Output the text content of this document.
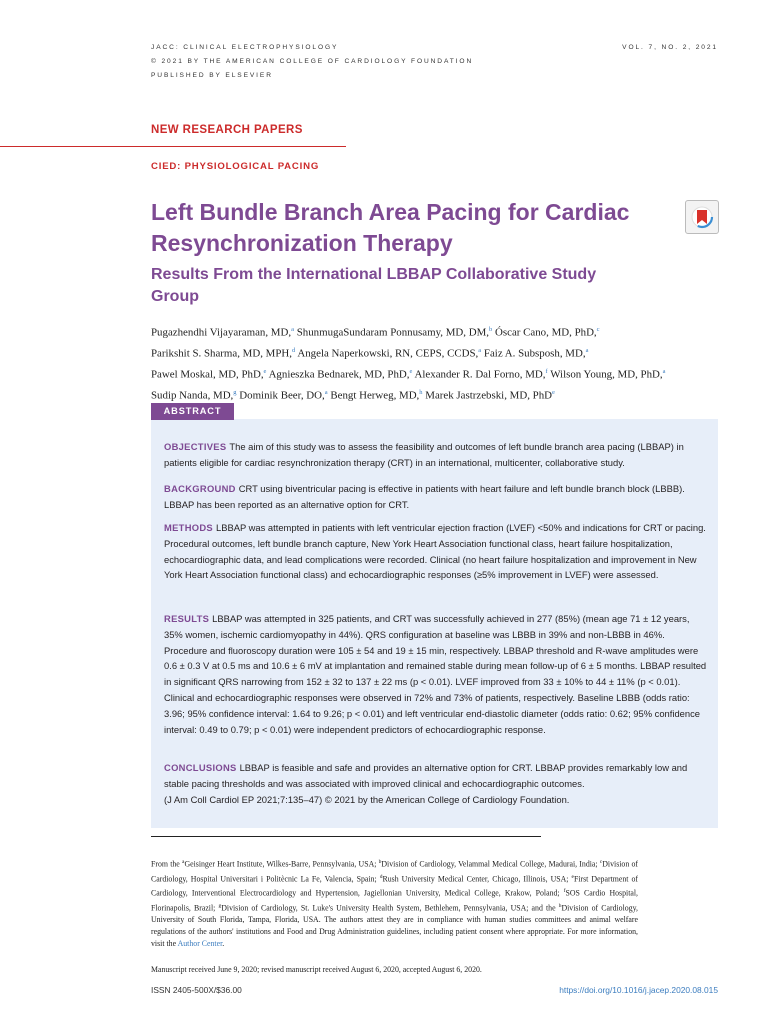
JACC: CLINICAL ELECTROPHYSIOLOGY
© 2021 BY THE AMERICAN COLLEGE OF CARDIOLOGY FOUNDATION
PUBLISHED BY ELSEVIER
VOL. 7, NO. 2, 2021
NEW RESEARCH PAPERS
CIED: PHYSIOLOGICAL PACING
Left Bundle Branch Area Pacing for Cardiac Resynchronization Therapy
Results From the International LBBAP Collaborative Study Group
Pugazhendhi Vijayaraman, MD,$^a$ ShunmugaSundaram Ponnusamy, MD, DM,$^b$ Óscar Cano, MD, PhD,$^c$
Parikshit S. Sharma, MD, MPH,$^d$ Angela Naperkowski, RN, CEPS, CCDS,$^a$ Faiz A. Subsposh, MD,$^a$
Pawel Moskal, MD, PhD,$^e$ Agnieszka Bednarek, MD, PhD,$^e$ Alexander R. Dal Forno, MD,$^f$ Wilson Young, MD, PhD,$^a$
Sudip Nanda, MD,$^g$ Dominik Beer, DO,$^a$ Bengt Herweg, MD,$^h$ Marek Jastrzebski, MD, PhD$^e$
ABSTRACT
OBJECTIVES The aim of this study was to assess the feasibility and outcomes of left bundle branch area pacing (LBBAP) in patients eligible for cardiac resynchronization therapy (CRT) in an international, multicenter, collaborative study.
BACKGROUND CRT using biventricular pacing is effective in patients with heart failure and left bundle branch block (LBBB). LBBAP has been reported as an alternative option for CRT.
METHODS LBBAP was attempted in patients with left ventricular ejection fraction (LVEF) <50% and indications for CRT or pacing. Procedural outcomes, left bundle branch capture, New York Heart Association functional class, heart failure hospitalization, echocardiographic data, and lead complications were recorded. Clinical (no heart failure hospitalization and improvement in New York Heart Association functional class) and echocardiographic responses (≥5% improvement in LVEF) were assessed.
RESULTS LBBAP was attempted in 325 patients, and CRT was successfully achieved in 277 (85%) (mean age 71 ± 12 years, 35% women, ischemic cardiomyopathy in 44%). QRS configuration at baseline was LBBB in 39% and non-LBBB in 46%. Procedure and fluoroscopy duration were 105 ± 54 and 19 ± 15 min, respectively. LBBAP threshold and R-wave amplitudes were 0.6 ± 0.3 V at 0.5 ms and 10.6 ± 6 mV at implantation and remained stable during mean follow-up of 6 ± 5 months. LBBAP resulted in significant QRS narrowing from 152 ± 32 to 137 ± 22 ms (p < 0.01). LVEF improved from 33 ± 10% to 44 ± 11% (p < 0.01). Clinical and echocardiographic responses were observed in 72% and 73% of patients, respectively. Baseline LBBB (odds ratio: 3.96; 95% confidence interval: 1.64 to 9.26; p < 0.01) and left ventricular end-diastolic diameter (odds ratio: 0.62; 95% confidence interval: 0.49 to 0.79; p < 0.01) were independent predictors of echocardiographic response.
CONCLUSIONS LBBAP is feasible and safe and provides an alternative option for CRT. LBBAP provides remarkably low and stable pacing thresholds and was associated with improved clinical and echocardiographic outcomes.
(J Am Coll Cardiol EP 2021;7:135–47) © 2021 by the American College of Cardiology Foundation.
From the $^a$Geisinger Heart Institute, Wilkes-Barre, Pennsylvania, USA; $^b$Division of Cardiology, Velammal Medical College, Madurai, India; $^c$Division of Cardiology, Hospital Universitari i Politècnic La Fe, Valencia, Spain; $^d$Rush University Medical Center, Chicago, Illinois, USA; $^e$First Department of Cardiology, Interventional Electrocardiology and Hypertension, Jagiellonian University, Medical College, Krakow, Poland; $^f$SOS Cardio Hospital, Florinapolis, Brazil; $^g$Division of Cardiology, St. Luke's University Health System, Bethlehem, Pennsylvania, USA; and the $^h$Division of Cardiology, University of South Florida, Tampa, Florida, USA. The authors attest they are in compliance with human studies committees and animal welfare regulations of the authors' institutions and Food and Drug Administration guidelines, including patient consent where appropriate. For more information, visit the Author Center.
Manuscript received June 9, 2020; revised manuscript received August 6, 2020, accepted August 6, 2020.
ISSN 2405-500X/$36.00	https://doi.org/10.1016/j.jacep.2020.08.015
